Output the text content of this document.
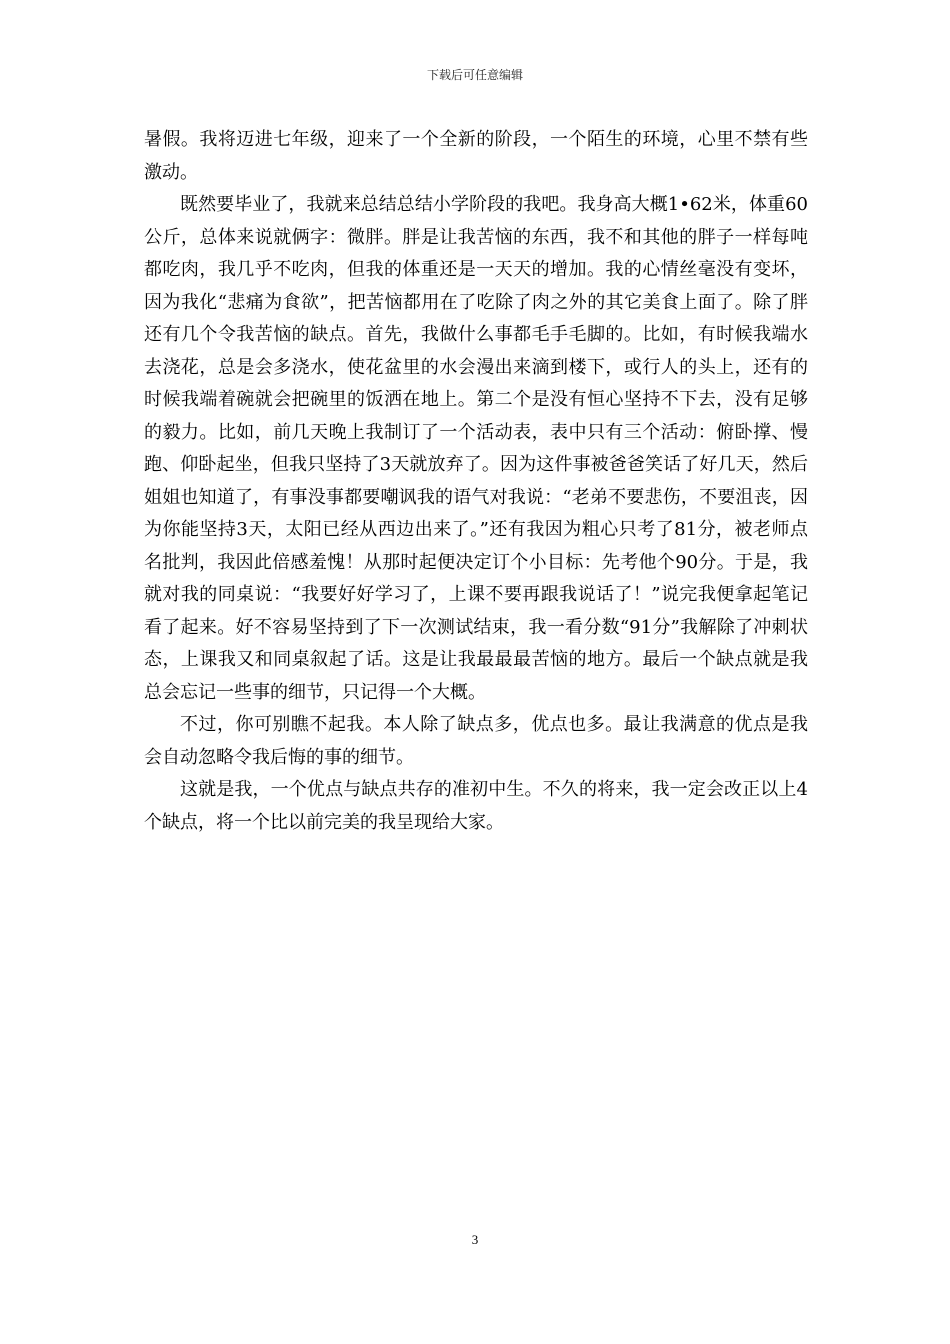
下载后可任意编辑

暑假。我将迈进七年级，迎来了一个全新的阶段，一个陌生的环境，心里不禁有些激动。

既然要毕业了，我就来总结总结小学阶段的我吧。我身高大概1•62米，体重60公斤，总体来说就俩字：微胖。胖是让我苦恼的东西，我不和其他的胖子一样每吨都吃肉，我几乎不吃肉，但我的体重还是一天天的增加。我的心情丝毫没有变坏，因为我化“悲痛为食欲”，把苦恼都用在了吃除了肉之外的其它美食上面了。除了胖还有几个令我苦恼的缺点。首先，我做什么事都毛手毛脚的。比如，有时候我端水去浇花，总是会多浇水，使花盆里的水会漫出来滴到楼下，或行人的头上，还有的时候我端着碗就会把碗里的饭洒在地上。第二个是没有恒心坚持不下去，没有足够的毅力。比如，前几天晚上我制订了一个活动表，表中只有三个活动：俯卧撑、慢跑、仰卧起坐，但我只坚持了3天就放弃了。因为这件事被爸爸笑话了好几天，然后姐姐也知道了，有事没事都要嘲讽我的语气对我说：“老弟不要悲伤，不要沮丧，因为你能坚持3天，太阳已经从西边出来了。”还有我因为粗心只考了81分，被老师点名批判，我因此倍感羞愧！从那时起便决定订个小目标：先考他个90分。于是，我就对我的同桌说：“我要好好学习了，上课不要再跟我说话了！”说完我便拿起笔记看了起来。好不容易坚持到了下一次测试结束，我一看分数“91分”我解除了冲刺状态，上课我又和同桌叙起了话。这是让我最最最苦恼的地方。最后一个缺点就是我总会忘记一些事的细节，只记得一个大概。

不过，你可别瞧不起我。本人除了缺点多，优点也多。最让我满意的优点是我会自动忽略令我后悔的事的细节。

这就是我，一个优点与缺点共存的准初中生。不久的将来，我一定会改正以上4个缺点，将一个比以前完美的我呈现给大家。

3
